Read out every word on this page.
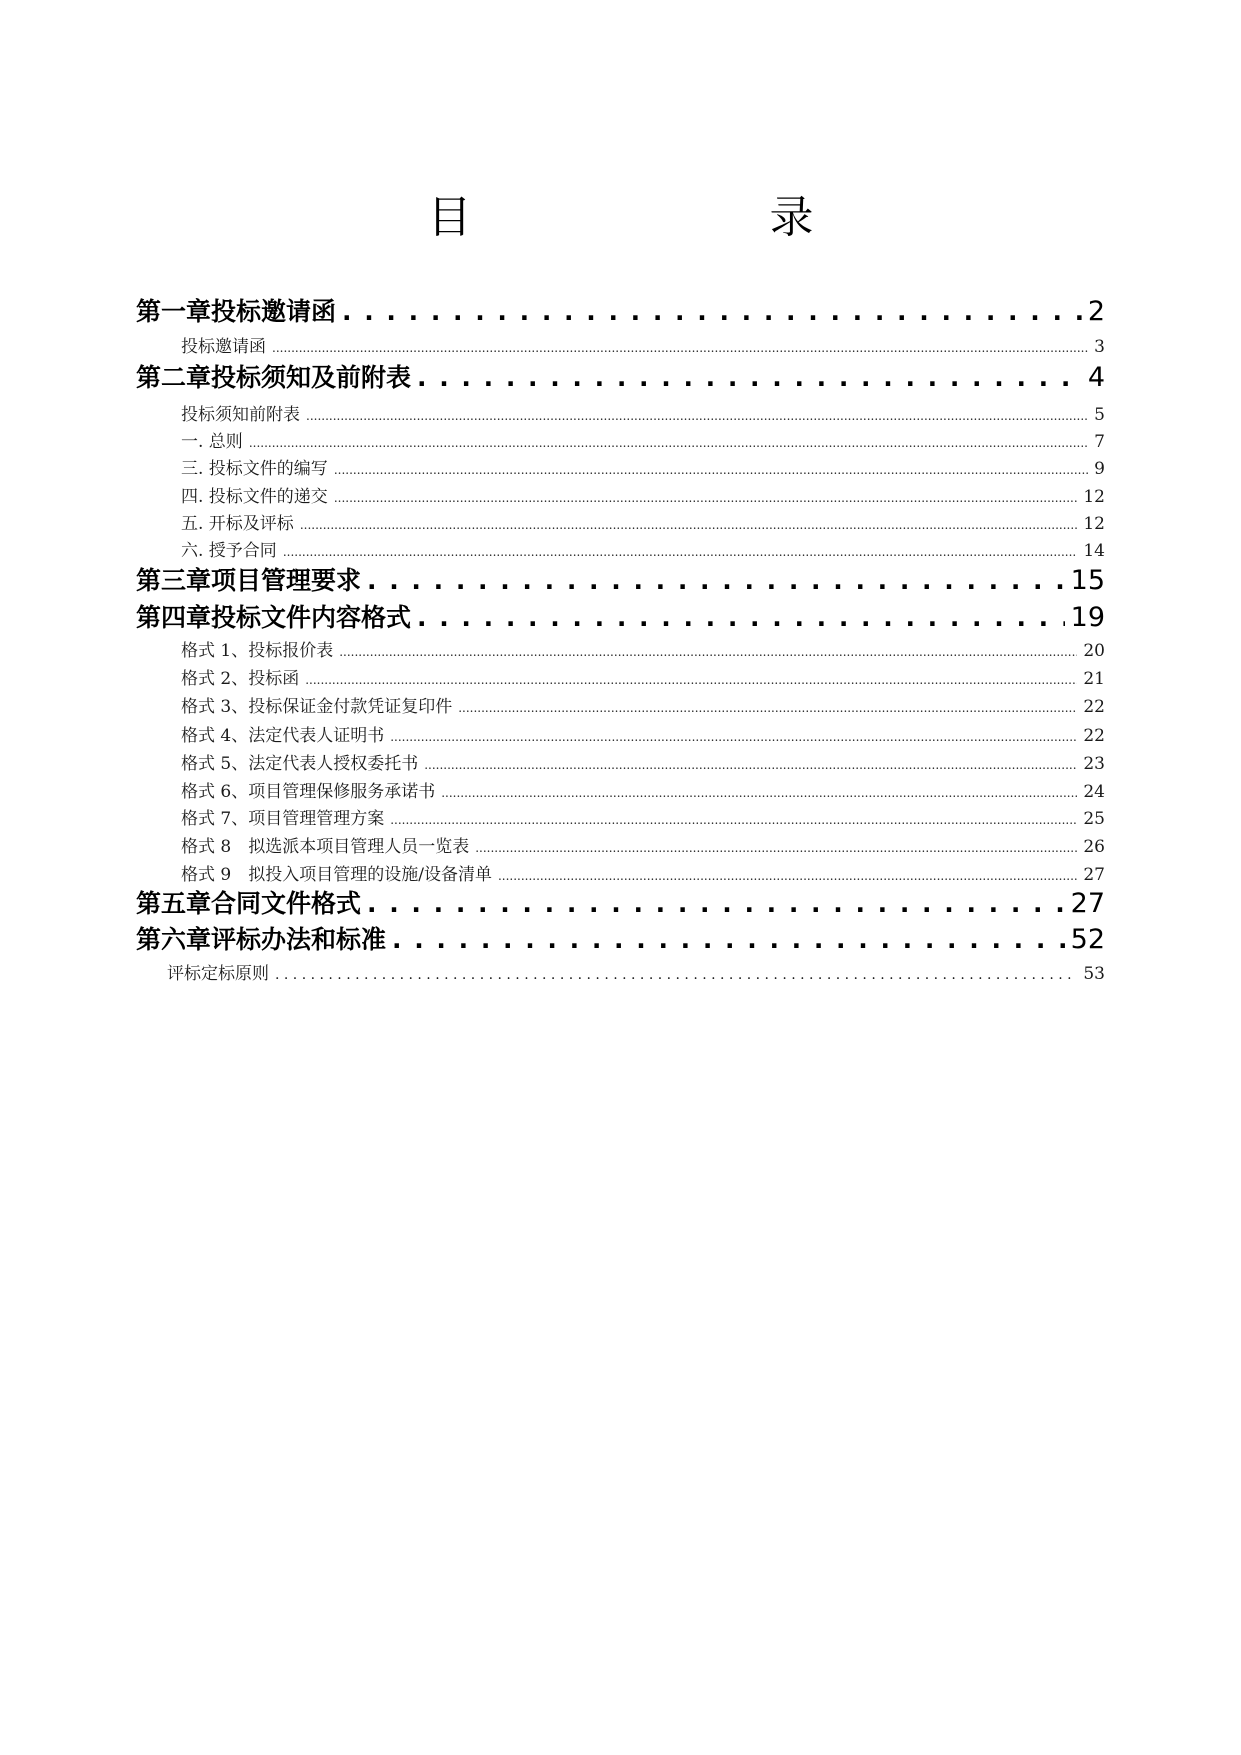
目　　录
第一章 投标邀请函 . . .	2
投标邀请函 .....	3
第二章 投标须知及前附表 . . .	4
投标须知前附表 .....	5
一. 总则 .....	7
三. 投标文件的编写 .....	9
四. 投标文件的递交 .....	12
五. 开标及评标 .....	12
六. 授予合同 .....	14
第三章 项目管理要求 . . .	15
第四章 投标文件内容格式 . . .	19
格式 1、投标报价表 .....	20
格式 2、投标函 .....	21
格式 3、投标保证金付款凭证复印件 .....	22
格式 4、法定代表人证明书 .....	22
格式 5、法定代表人授权委托书 .....	23
格式 6、项目管理保修服务承诺书 .....	24
格式 7、项目管理管理方案 .....	25
格式 8　拟选派本项目管理人员一览表 .....	26
格式 9　拟投入项目管理的设施/设备清单 .....	27
第五章 合同文件格式 . . .	27
第六章 评标办法和标准 . . .	52
评标定标原则 . . .	53
